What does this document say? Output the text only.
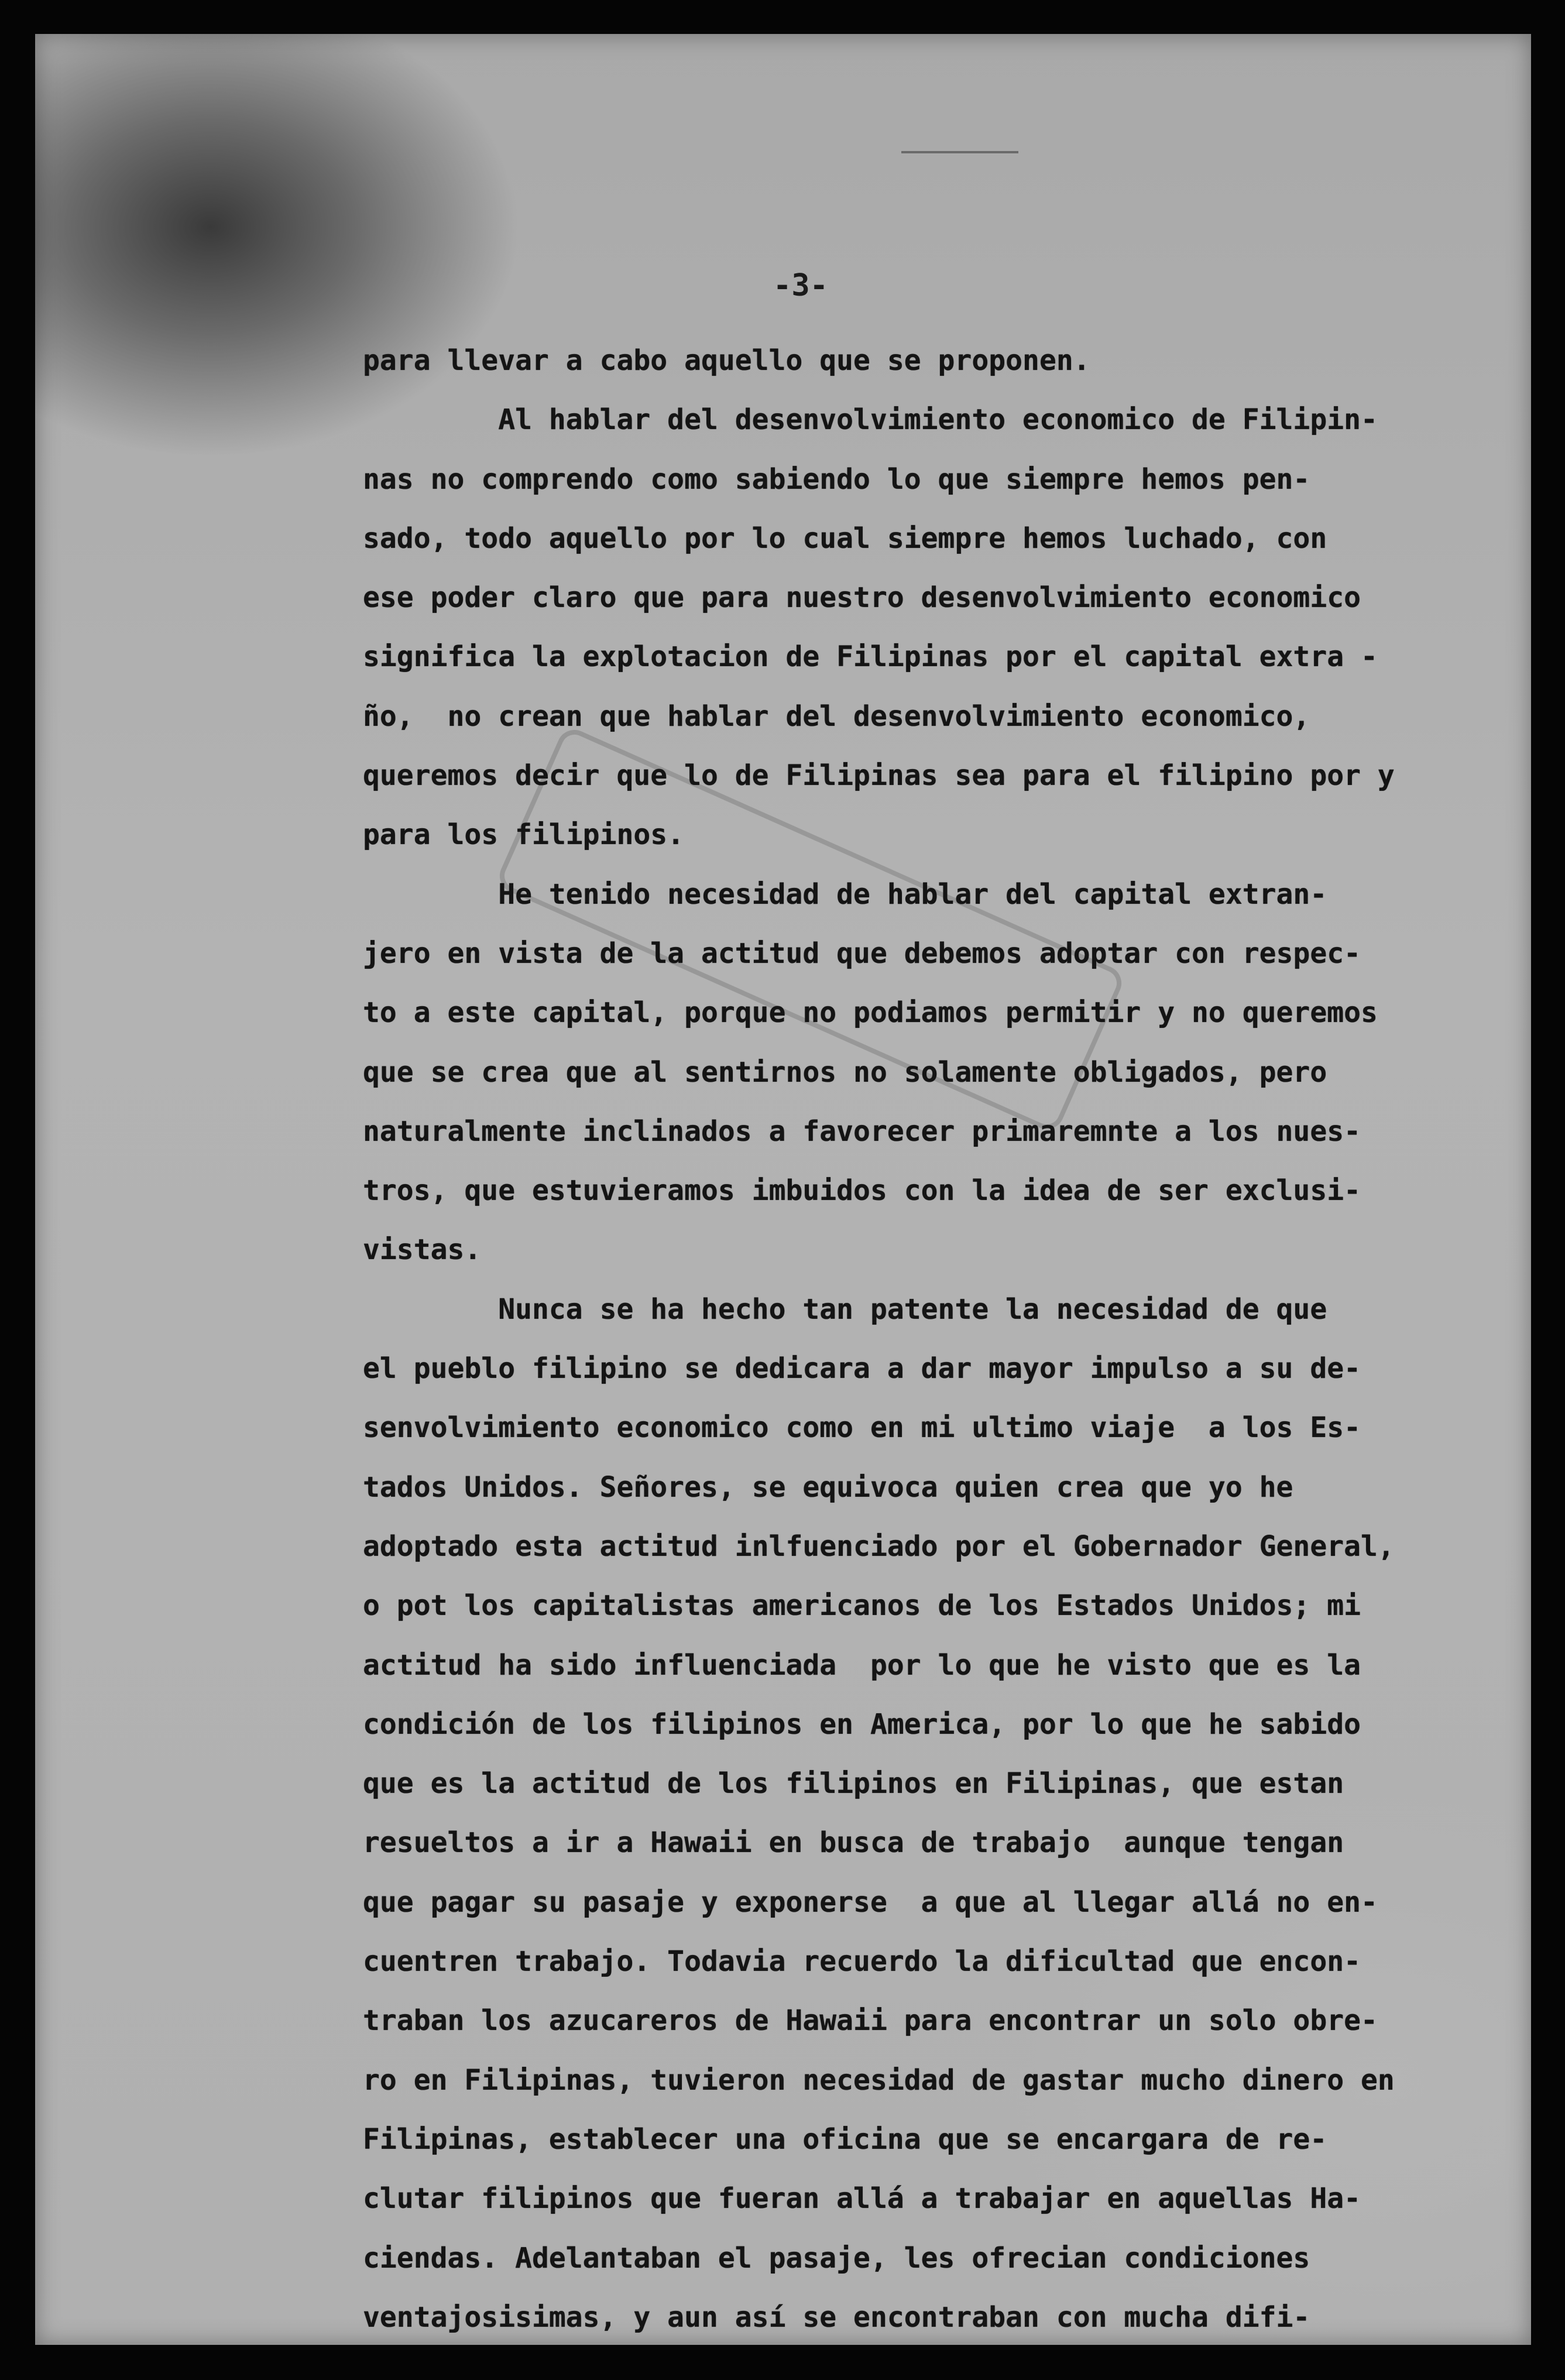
-3-
para llevar a cabo aquello que se proponen.
Al hablar del desenvolvimiento economico de Filipin-
nas no comprendo como sabiendo lo que siempre hemos pen-
sado, todo aquello por lo cual siempre hemos luchado, con
ese poder claro que para nuestro desenvolvimiento economico
significa la explotacion de Filipinas por el capital extra -
ño,  no crean que hablar del desenvolvimiento economico,
queremos decir que lo de Filipinas sea para el filipino por y
para los filipinos.
He tenido necesidad de hablar del capital extran-
jero en vista de la actitud que debemos adoptar con respec-
to a este capital, porque no podiamos permitir y no queremos
que se crea que al sentirnos no solamente obligados, pero
naturalmente inclinados a favorecer primaremnte a los nues-
tros, que estuvieramos imbuidos con la idea de ser exclusi-
vistas.
Nunca se ha hecho tan patente la necesidad de que
el pueblo filipino se dedicara a dar mayor impulso a su de-
senvolvimiento economico como en mi ultimo viaje  a los Es-
tados Unidos. Señores, se equivoca quien crea que yo he
adoptado esta actitud inlfuenciado por el Gobernador General,
o pot los capitalistas americanos de los Estados Unidos; mi
actitud ha sido influenciada  por lo que he visto que es la
condición de los filipinos en America, por lo que he sabido
que es la actitud de los filipinos en Filipinas, que estan
resueltos a ir a Hawaii en busca de trabajo  aunque tengan
que pagar su pasaje y exponerse  a que al llegar allá no en-
cuentren trabajo. Todavia recuerdo la dificultad que encon-
traban los azucareros de Hawaii para encontrar un solo obre-
ro en Filipinas, tuvieron necesidad de gastar mucho dinero en
Filipinas, establecer una oficina que se encargara de re-
clutar filipinos que fueran allá a trabajar en aquellas Ha-
ciendas. Adelantaban el pasaje, les ofrecian condiciones
ventajosisimas, y aun así se encontraban con mucha difi-
